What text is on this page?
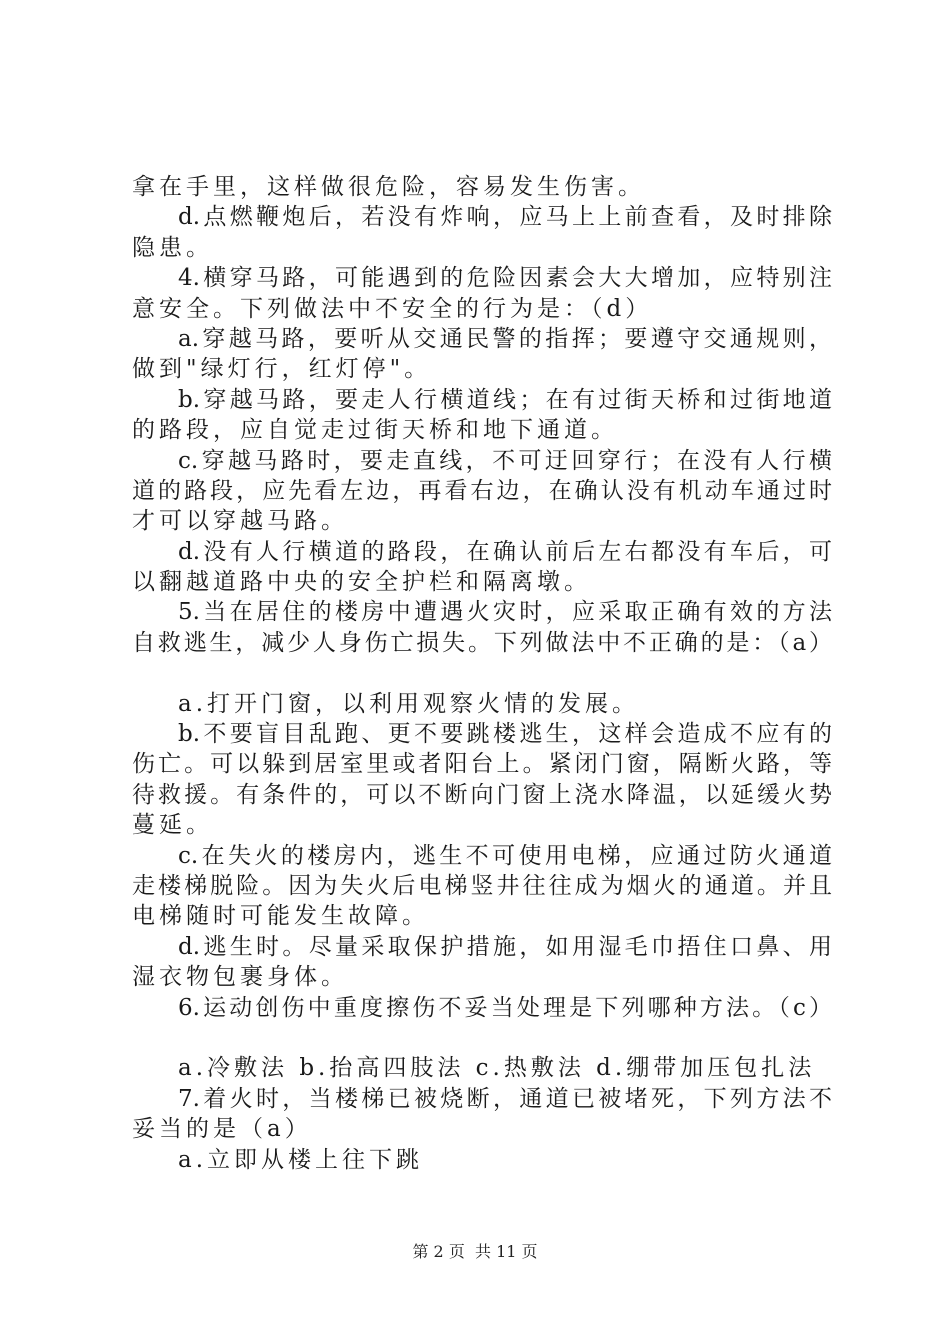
拿在手里，这样做很危险，容易发生伤害。
d.点燃鞭炮后，若没有炸响，应马上上前查看，及时排除
隐患。
4.横穿马路，可能遇到的危险因素会大大增加，应特别注
意安全。下列做法中不安全的行为是：（d）
a.穿越马路，要听从交通民警的指挥；要遵守交通规则，
做到"绿灯行，红灯停"。
b.穿越马路，要走人行横道线；在有过街天桥和过街地道
的路段，应自觉走过街天桥和地下通道。
c.穿越马路时，要走直线，不可迂回穿行；在没有人行横
道的路段，应先看左边，再看右边，在确认没有机动车通过时
才可以穿越马路。
d.没有人行横道的路段，在确认前后左右都没有车后，可
以翻越道路中央的安全护栏和隔离墩。
5.当在居住的楼房中遭遇火灾时，应采取正确有效的方法
自救逃生，减少人身伤亡损失。下列做法中不正确的是：（a）
a.打开门窗，以利用观察火情的发展。
b.不要盲目乱跑、更不要跳楼逃生，这样会造成不应有的
伤亡。可以躲到居室里或者阳台上。紧闭门窗，隔断火路，等
待救援。有条件的，可以不断向门窗上浇水降温，以延缓火势
蔓延。
c.在失火的楼房内，逃生不可使用电梯，应通过防火通道
走楼梯脱险。因为失火后电梯竖井往往成为烟火的通道。并且
电梯随时可能发生故障。
d.逃生时。尽量采取保护措施，如用湿毛巾捂住口鼻、用
湿衣物包裹身体。
6.运动创伤中重度擦伤不妥当处理是下列哪种方法。（c）
a.冷敷法 b.抬高四肢法 c.热敷法 d.绷带加压包扎法
7.着火时，当楼梯已被烧断，通道已被堵死，下列方法不
妥当的是（a）
a.立即从楼上往下跳
第 2 页  共 11 页
